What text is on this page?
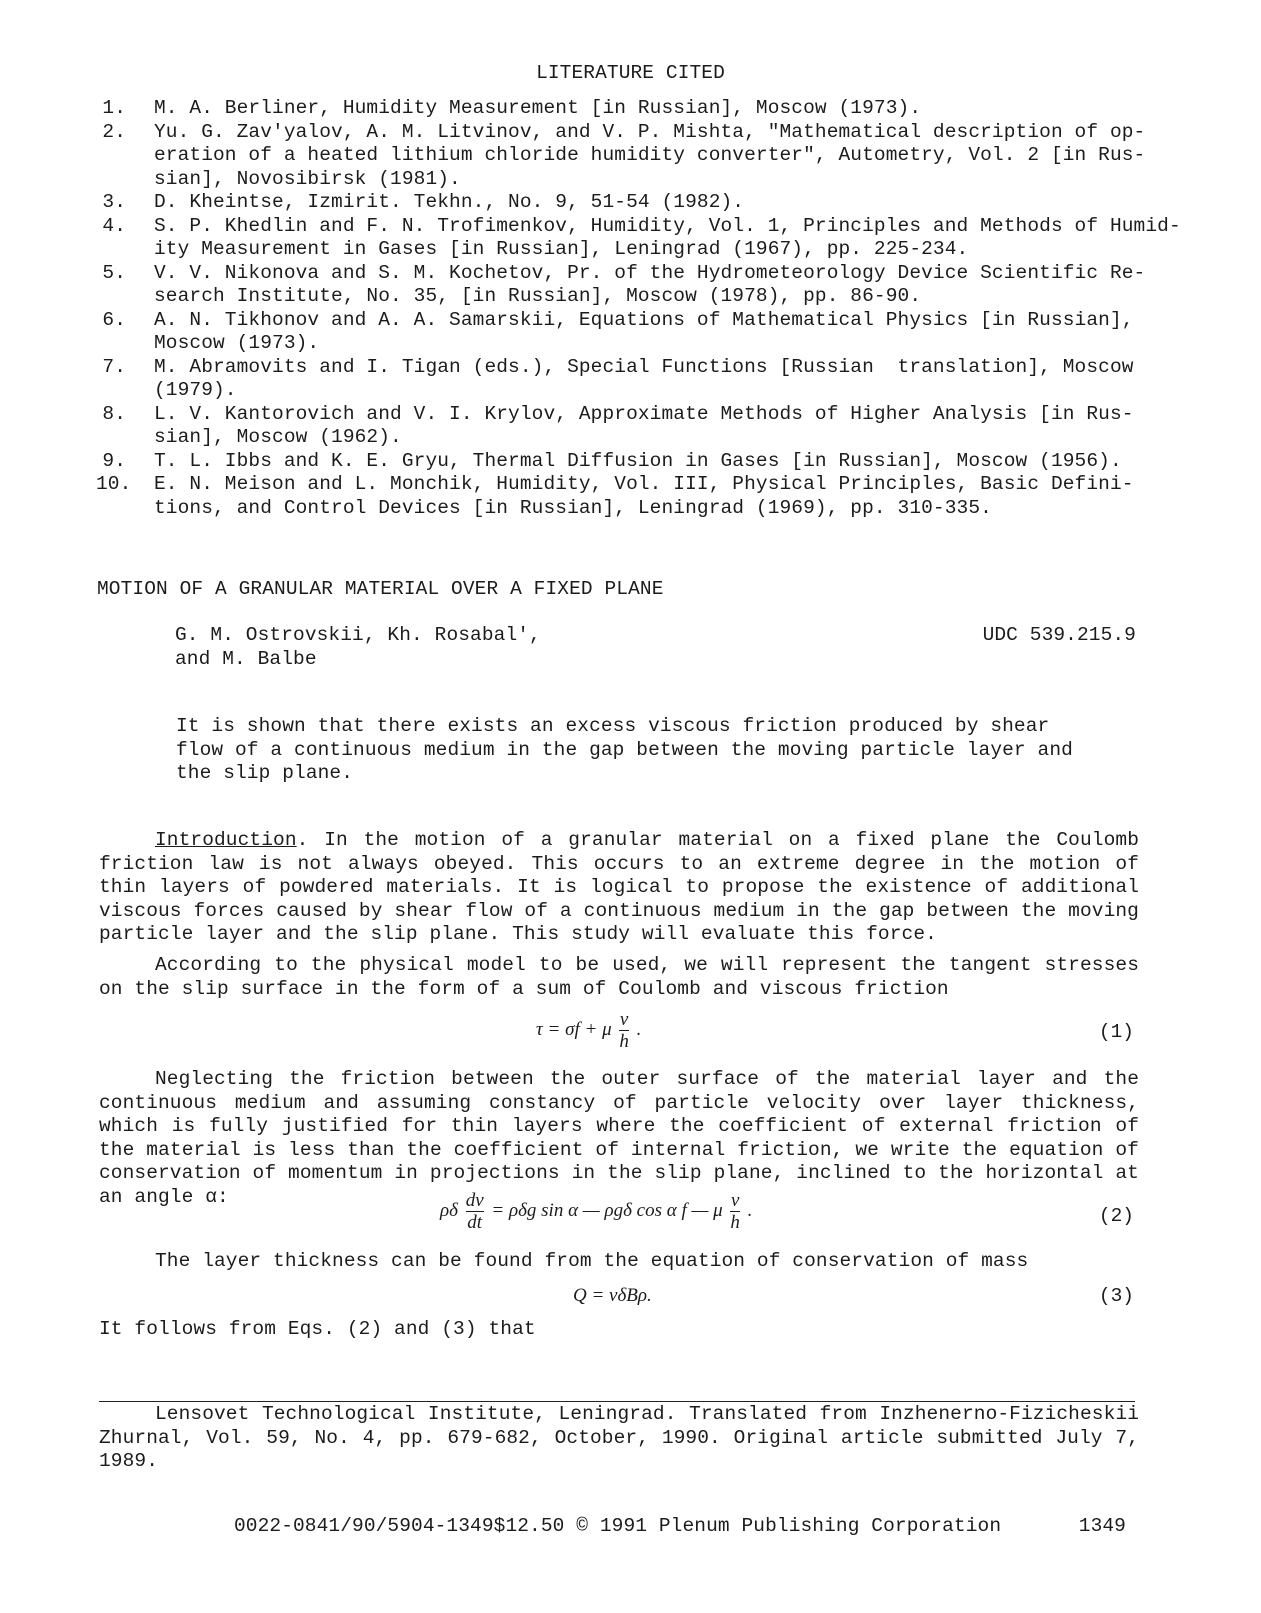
LITERATURE CITED
1. M. A. Berliner, Humidity Measurement [in Russian], Moscow (1973).
2. Yu. G. Zav'yalov, A. M. Litvinov, and V. P. Mishta, "Mathematical description of op-
eration of a heated lithium chloride humidity converter", Autometry, Vol. 2 [in Rus-
sian], Novosibirsk (1981).
3. D. Kheintse, Izmirit. Tekhn., No. 9, 51-54 (1982).
4. S. P. Khedlin and F. N. Trofimenkov, Humidity, Vol. 1, Principles and Methods of Humid-
ity Measurement in Gases [in Russian], Leningrad (1967), pp. 225-234.
5. V. V. Nikonova and S. M. Kochetov, Pr. of the Hydrometeorology Device Scientific Re-
search Institute, No. 35, [in Russian], Moscow (1978), pp. 86-90.
6. A. N. Tikhonov and A. A. Samarskii, Equations of Mathematical Physics [in Russian],
Moscow (1973).
7. M. Abramovits and I. Tigan (eds.), Special Functions [Russian  translation], Moscow
(1979).
8. L. V. Kantorovich and V. I. Krylov, Approximate Methods of Higher Analysis [in Rus-
sian], Moscow (1962).
9. T. L. Ibbs and K. E. Gryu, Thermal Diffusion in Gases [in Russian], Moscow (1956).
10. E. N. Meison and L. Monchik, Humidity, Vol. III, Physical Principles, Basic Defini-
tions, and Control Devices [in Russian], Leningrad (1969), pp. 310-335.
MOTION OF A GRANULAR MATERIAL OVER A FIXED PLANE
G. M. Ostrovskii, Kh. Rosabal',
and M. Balbe
UDC 539.215.9
It is shown that there exists an excess viscous friction produced by shear flow of a continuous medium in the gap between the moving particle layer and the slip plane.

Introduction. In the motion of a granular material on a fixed plane the Coulomb friction law is not always obeyed. This occurs to an extreme degree in the motion of thin layers of powdered materials. It is logical to propose the existence of additional viscous forces caused by shear flow of a continuous medium in the gap between the moving particle layer and the slip plane. This study will evaluate this force.

According to the physical model to be used, we will represent the tangent stresses on the slip surface in the form of a sum of Coulomb and viscous friction

τ = σf + μ $\frac{v}{h}$ .	(1)

Neglecting the friction between the outer surface of the material layer and the continuous medium and assuming constancy of particle velocity over layer thickness, which is fully justified for thin layers where the coefficient of external friction of the material is less than the coefficient of internal friction, we write the equation of conservation of momentum in projections in the slip plane, inclined to the horizontal at an angle α:

ρδ $\frac{dv}{dt} = \rho\delta g$ sin α — ρgδ cos α f — μ $\frac{v}{h}$ .	(2)

The layer thickness can be found from the equation of conservation of mass

Q = vδBρ.	(3)

It follows from Eqs. (2) and (3) that

Lensovet Technological Institute, Leningrad. Translated from Inzhenerno-Fizicheskii Zhurnal, Vol. 59, No. 4, pp. 679-682, October, 1990. Original article submitted July 7, 1989.

0022-0841/90/5904-1349$12.50 © 1991 Plenum Publishing Corporation	1349
